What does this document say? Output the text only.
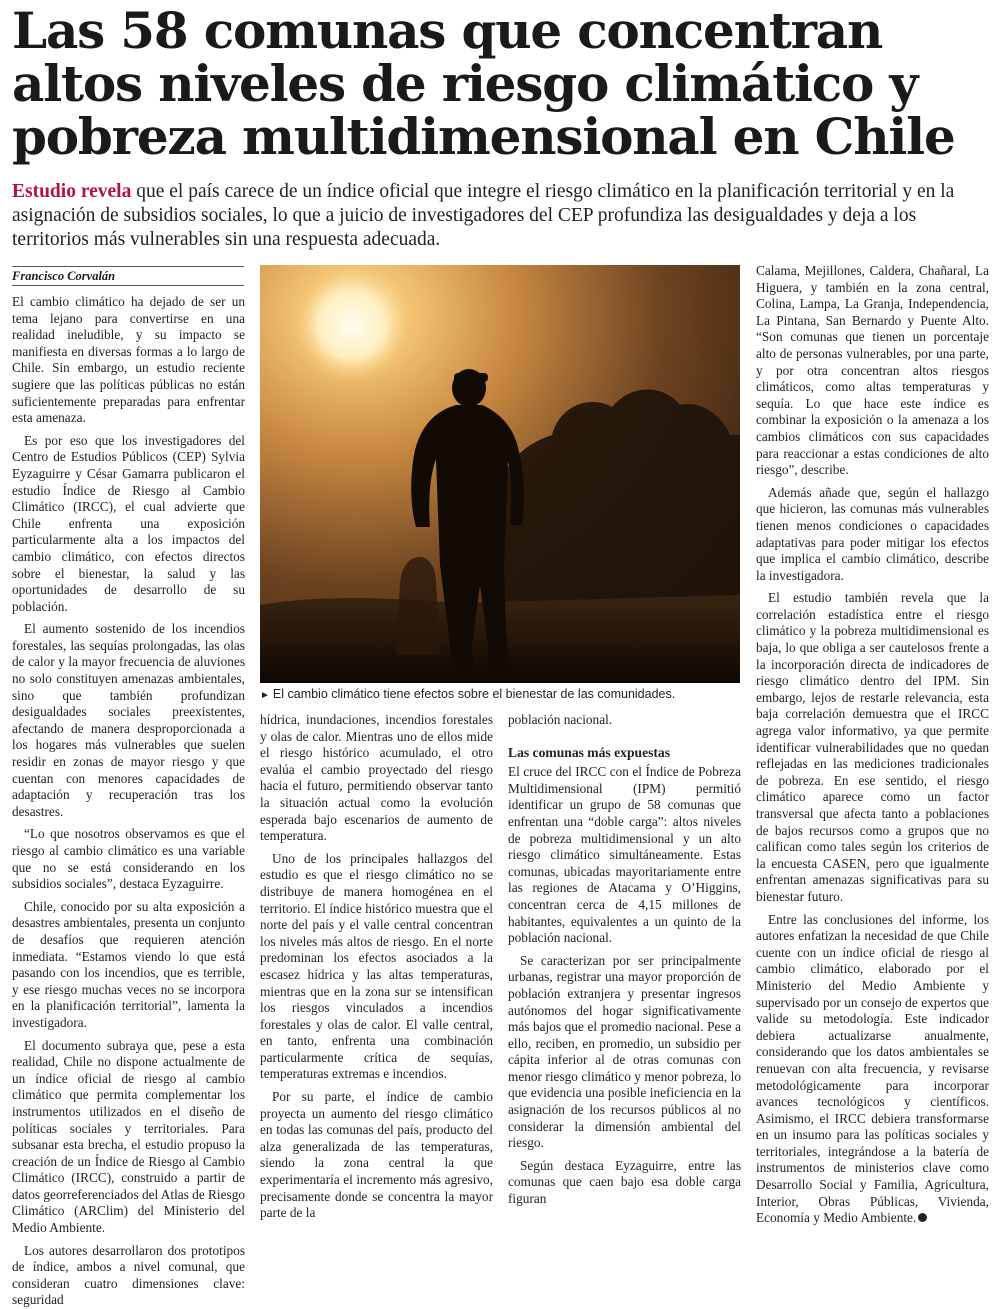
Las 58 comunas que concentran altos niveles de riesgo climático y pobreza multidimensional en Chile

Estudio revela que el país carece de un índice oficial que integre el riesgo climático en la planificación territorial y en la asignación de subsidios sociales, lo que a juicio de investigadores del CEP profundiza las desigualdades y deja a los territorios más vulnerables sin una respuesta adecuada.

Francisco Corvalán

El cambio climático ha dejado de ser un tema lejano para convertirse en una realidad ineludible, y su impacto se manifiesta en diversas formas a lo largo de Chile. Sin embargo, un estudio reciente sugiere que las políticas públicas no están suficientemente preparadas para enfrentar esta amenaza.

Es por eso que los investigadores del Centro de Estudios Públicos (CEP) Sylvia Eyzaguirre y César Gamarra publicaron el estudio Índice de Riesgo al Cambio Climático (IRCC), el cual advierte que Chile enfrenta una exposición particularmente alta a los impactos del cambio climático, con efectos directos sobre el bienestar, la salud y las oportunidades de desarrollo de su población.

El aumento sostenido de los incendios forestales, las sequías prolongadas, las olas de calor y la mayor frecuencia de aluviones no solo constituyen amenazas ambientales, sino que también profundizan desigualdades sociales preexistentes, afectando de manera desproporcionada a los hogares más vulnerables que suelen residir en zonas de mayor riesgo y que cuentan con menores capacidades de adaptación y recuperación tras los desastres.

“Lo que nosotros observamos es que el riesgo al cambio climático es una variable que no se está considerando en los subsidios sociales”, destaca Eyzaguirre.

Chile, conocido por su alta exposición a desastres ambientales, presenta un conjunto de desafíos que requieren atención inmediata. “Estamos viendo lo que está pasando con los incendios, que es terrible, y ese riesgo muchas veces no se incorpora en la planificación territorial”, lamenta la investigadora.

El documento subraya que, pese a esta realidad, Chile no dispone actualmente de un índice oficial de riesgo al cambio climático que permita complementar los instrumentos utilizados en el diseño de políticas sociales y territoriales. Para subsanar esta brecha, el estudio propuso la creación de un Índice de Riesgo al Cambio Climático (IRCC), construido a partir de datos georreferenciados del Atlas de Riesgo Climático (ARClim) del Ministerio del Medio Ambiente.

Los autores desarrollaron dos prototipos de índice, ambos a nivel comunal, que consideran cuatro dimensiones clave: seguridad

► El cambio climático tiene efectos sobre el bienestar de las comunidades.

hídrica, inundaciones, incendios forestales y olas de calor. Mientras uno de ellos mide el riesgo histórico acumulado, el otro evalúa el cambio proyectado del riesgo hacia el futuro, permitiendo observar tanto la situación actual como la evolución esperada bajo escenarios de aumento de temperatura.

Uno de los principales hallazgos del estudio es que el riesgo climático no se distribuye de manera homogénea en el territorio. El índice histórico muestra que el norte del país y el valle central concentran los niveles más altos de riesgo. En el norte predominan los efectos asociados a la escasez hídrica y las altas temperaturas, mientras que en la zona sur se intensifican los riesgos vinculados a incendios forestales y olas de calor. El valle central, en tanto, enfrenta una combinación particularmente crítica de sequías, temperaturas extremas e incendios.

Por su parte, el índice de cambio proyecta un aumento del riesgo climático en todas las comunas del país, producto del alza generalizada de las temperaturas, siendo la zona central la que experimentaría el incremento más agresivo, precisamente donde se concentra la mayor parte de la

población nacional.

Las comunas más expuestas

El cruce del IRCC con el Índice de Pobreza Multidimensional (IPM) permitió identificar un grupo de 58 comunas que enfrentan una “doble carga”: altos niveles de pobreza multidimensional y un alto riesgo climático simultáneamente. Estas comunas, ubicadas mayoritariamente entre las regiones de Atacama y O’Higgins, concentran cerca de 4,15 millones de habitantes, equivalentes a un quinto de la población nacional.

Se caracterizan por ser principalmente urbanas, registrar una mayor proporción de población extranjera y presentar ingresos autónomos del hogar significativamente más bajos que el promedio nacional. Pese a ello, reciben, en promedio, un subsidio per cápita inferior al de otras comunas con menor riesgo climático y menor pobreza, lo que evidencia una posible ineficiencia en la asignación de los recursos públicos al no considerar la dimensión ambiental del riesgo.

Según destaca Eyzaguirre, entre las comunas que caen bajo esa doble carga figuran

Calama, Mejillones, Caldera, Chañaral, La Higuera, y también en la zona central, Colina, Lampa, La Granja, Independencia, La Pintana, San Bernardo y Puente Alto. “Son comunas que tienen un porcentaje alto de personas vulnerables, por una parte, y por otra concentran altos riesgos climáticos, como altas temperaturas y sequía. Lo que hace este índice es combinar la exposición o la amenaza a los cambios climáticos con sus capacidades para reaccionar a estas condiciones de alto riesgo”, describe.

Además añade que, según el hallazgo que hicieron, las comunas más vulnerables tienen menos condiciones o capacidades adaptativas para poder mitigar los efectos que implica el cambio climático, describe la investigadora.

El estudio también revela que la correlación estadística entre el riesgo climático y la pobreza multidimensional es baja, lo que obliga a ser cautelosos frente a la incorporación directa de indicadores de riesgo climático dentro del IPM. Sin embargo, lejos de restarle relevancia, esta baja correlación demuestra que el IRCC agrega valor informativo, ya que permite identificar vulnerabilidades que no quedan reflejadas en las mediciones tradicionales de pobreza. En ese sentido, el riesgo climático aparece como un factor transversal que afecta tanto a poblaciones de bajos recursos como a grupos que no califican como tales según los criterios de la encuesta CASEN, pero que igualmente enfrentan amenazas significativas para su bienestar futuro.

Entre las conclusiones del informe, los autores enfatizan la necesidad de que Chile cuente con un índice oficial de riesgo al cambio climático, elaborado por el Ministerio del Medio Ambiente y supervisado por un consejo de expertos que valide su metodología. Este indicador debiera actualizarse anualmente, considerando que los datos ambientales se renuevan con alta frecuencia, y revisarse metodológicamente para incorporar avances tecnológicos y científicos. Asimismo, el IRCC debiera transformarse en un insumo para las políticas sociales y territoriales, integrándose a la batería de instrumentos de ministerios clave como Desarrollo Social y Familia, Agricultura, Interior, Obras Públicas, Vivienda, Economía y Medio Ambiente.
